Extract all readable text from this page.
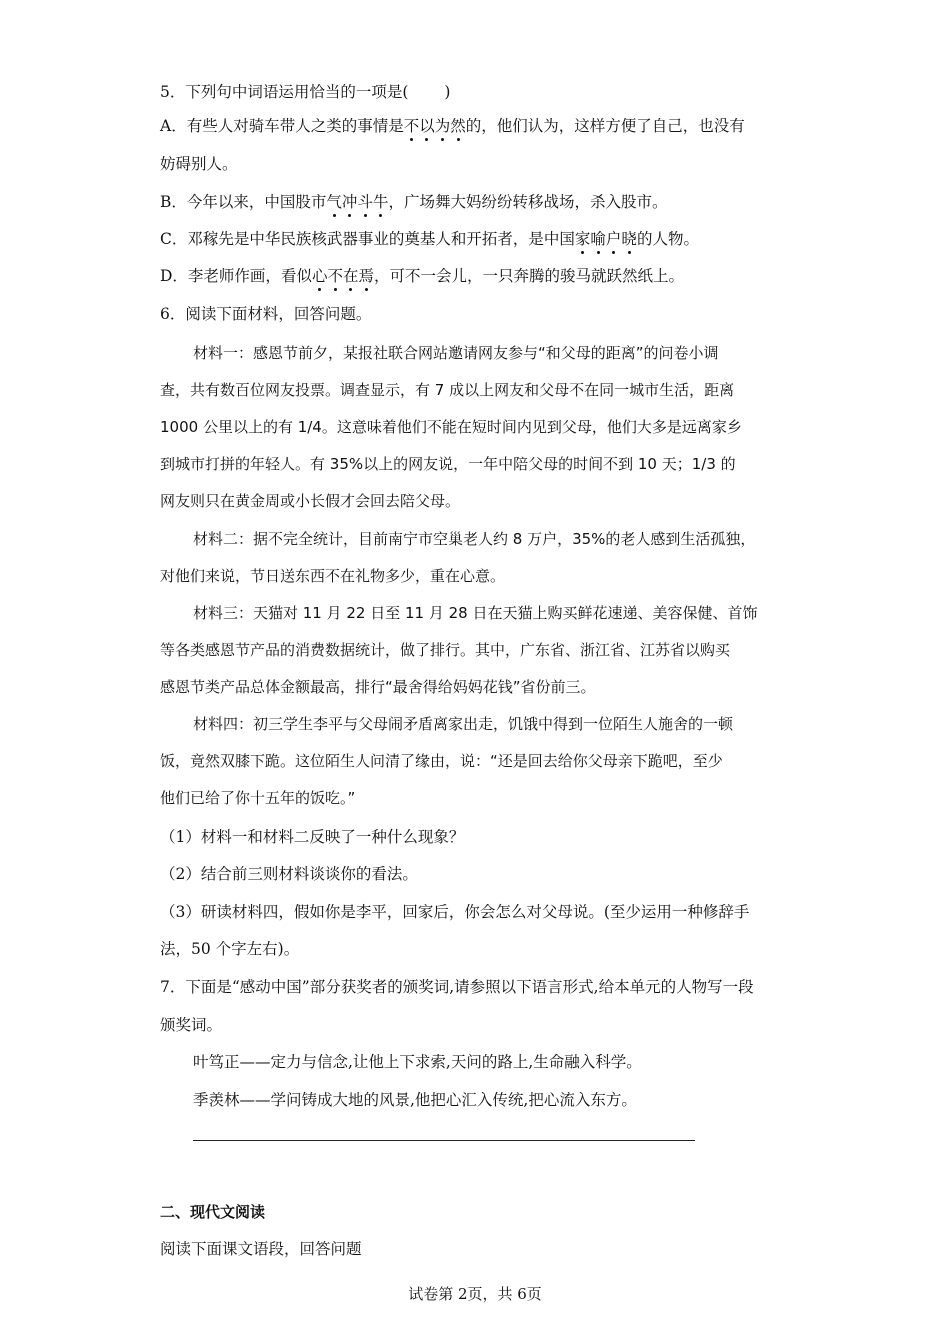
5．下列句中词语运用恰当的一项是( )
A．有些人对骑车带人之类的事情是不以为然的，他们认为，这样方便了自己，也没有
妨碍别人。
B．今年以来，中国股市气冲斗牛，广场舞大妈纷纷转移战场，杀入股市。
C．邓稼先是中华民族核武器事业的奠基人和开拓者，是中国家喻户晓的人物。
D．李老师作画，看似心不在焉，可不一会儿，一只奔腾的骏马就跃然纸上。
6．阅读下面材料，回答问题。
材料一：感恩节前夕，某报社联合网站邀请网友参与“和父母的距离”的问卷小调
查，共有数百位网友投票。调查显示，有 7 成以上网友和父母不在同一城市生活，距离
1000 公里以上的有 1/4。这意味着他们不能在短时间内见到父母，他们大多是远离家乡
到城市打拼的年轻人。有 35%以上的网友说，一年中陪父母的时间不到 10 天；1/3 的
网友则只在黄金周或小长假才会回去陪父母。
材料二：据不完全统计，目前南宁市空巢老人约 8 万户，35%的老人感到生活孤独，
对他们来说，节日送东西不在礼物多少，重在心意。
材料三：天猫对 11 月 22 日至 11 月 28 日在天猫上购买鲜花速递、美容保健、首饰
等各类感恩节产品的消费数据统计，做了排行。其中，广东省、浙江省、江苏省以购买
感恩节类产品总体金额最高，排行“最舍得给妈妈花钱”省份前三。
材料四：初三学生李平与父母闹矛盾离家出走，饥饿中得到一位陌生人施舍的一顿
饭，竟然双膝下跪。这位陌生人问清了缘由，说：“还是回去给你父母亲下跪吧，至少
他们已给了你十五年的饭吃。”
（1）材料一和材料二反映了一种什么现象？
（2）结合前三则材料谈谈你的看法。
（3）研读材料四，假如你是李平，回家后，你会怎么对父母说。(至少运用一种修辞手
法，50 个字左右)。
7．下面是“感动中国”部分获奖者的颁奖词,请参照以下语言形式,给本单元的人物写一段
颁奖词。
叶笃正——定力与信念,让他上下求索,天问的路上,生命融入科学。
季羡林——学问铸成大地的风景,他把心汇入传统,把心流入东方。
二、现代文阅读
阅读下面课文语段，回答问题
试卷第 2页，共 6页
